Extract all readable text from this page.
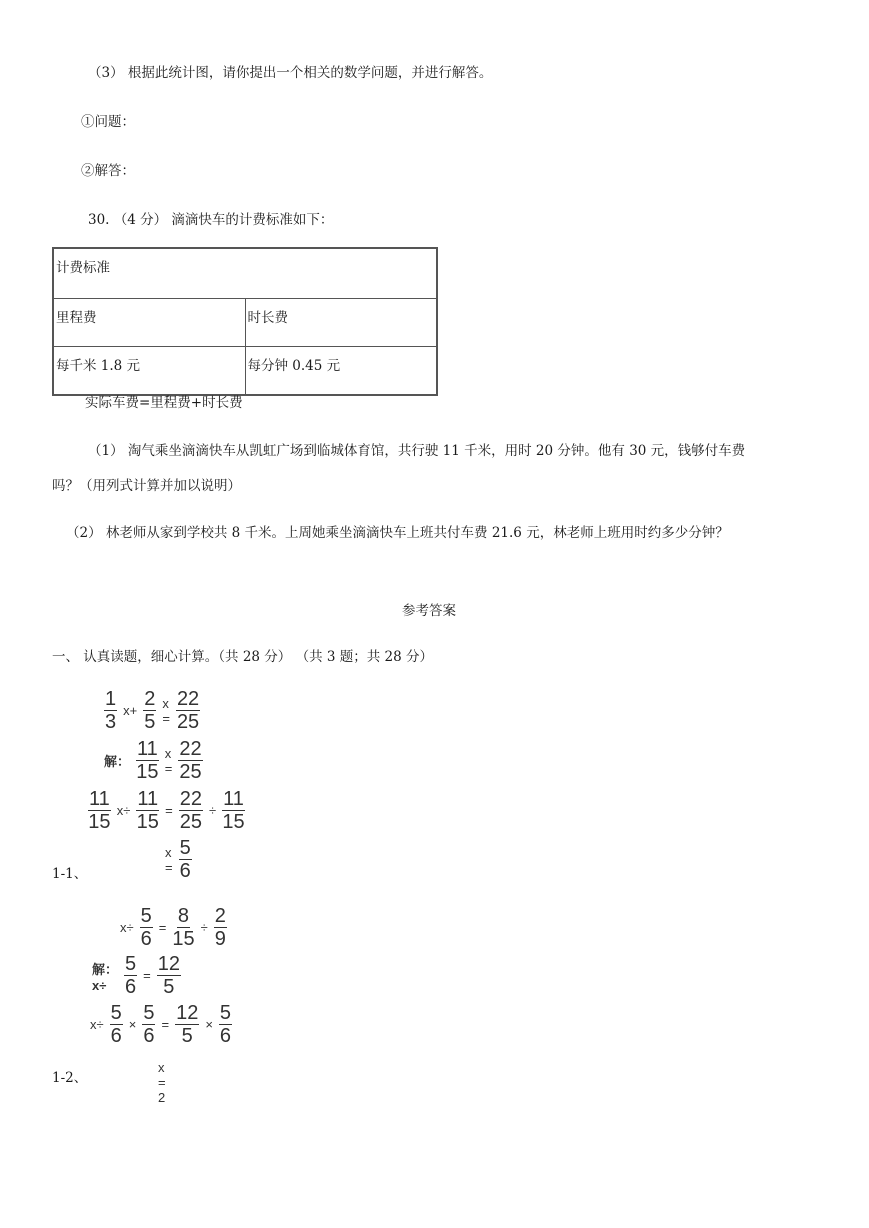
（3） 根据此统计图，请你提出一个相关的数学问题，并进行解答。
①问题：
②解答：
30. （4 分） 滴滴快车的计费标准如下：
计费标准	
里程费	时长费
每千米 1.8 元	每分钟 0.45 元
实际车费=里程费+时长费
（1） 淘气乘坐滴滴快车从凯虹广场到临城体育馆，共行驶 11 千米，用时 20 分钟。他有 30 元，钱够付车费
吗？（用列式计算并加以说明）
（2） 林老师从家到学校共 8 千米。上周她乘坐滴滴快车上班共付车费 21.6 元，林老师上班用时约多少分钟？
参考答案
一、 认真读题，细心计算。（共 28 分） （共 3 题；共 28 分）
$\frac{1}{3} x+ \frac{2}{5}$ $x = \frac{22}{25}$
解： $\frac{11}{15}$ $x = \frac{22}{25}$
$\frac{11}{15} x\div \frac{11}{15} = \frac{22}{25} \div \frac{11}{15}$
$x = \frac{5}{6}$
1-1、
$x\div \frac{5}{6} = \frac{8}{15} \div \frac{2}{9}$
解：$x\div \frac{5}{6} = \frac{12}{5}$
$x\div \frac{5}{6} \times \frac{5}{6} = \frac{12}{5} \times \frac{5}{6}$
x = 2
1-2、
